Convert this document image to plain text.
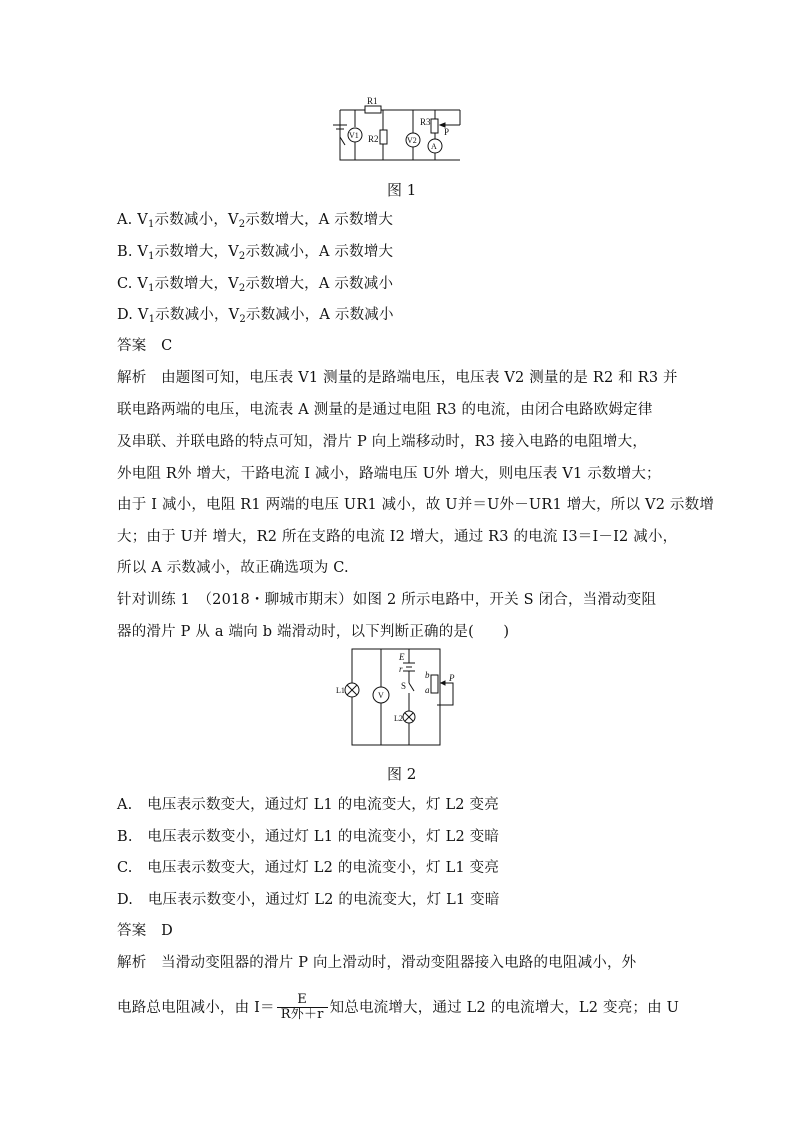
R1
R2
R3
P
V1
V2
A
图 1
A. $V_1$示数减小，$V_2$示数增大，A 示数增大
B. $V_1$示数增大，$V_2$示数减小，A 示数增大
C. $V_1$示数增大，$V_2$示数增大，A 示数减小
D. $V_1$示数减小，$V_2$示数减小，A 示数减小
答案　 C
解析　 由题图可知，电压表 V1 测量的是路端电压，电压表 V2 测量的是 R2 和 R3 并
联电路两端的电压，电流表 A 测量的是通过电阻 R3 的电流，由闭合电路欧姆定律
及串联、并联电路的特点可知，滑片 P 向上端移动时，R3 接入电路的电阻增大，
外电阻 R外 增大，干路电流 I 减小，路端电压 U外 增大，则电压表 V1 示数增大；
由于 I 减小，电阻 R1 两端的电压 UR1 减小，故 U并＝U外－UR1 增大，所以 V2 示数增
大；由于 U并 增大，R2 所在支路的电流 I2 增大，通过 R3 的电流 I3＝I－I2 减小，
所以 A 示数减小，故正确选项为 C.
针对训练 1　（2018・聊城市期末）如图 2 所示电路中，开关 S 闭合，当滑动变阻
器的滑片 P 从 a 端向 b 端滑动时，以下判断正确的是(　　)
E
r
S
b
a
P
L1
L2
V
图 2
A.　电压表示数变大，通过灯 L1 的电流变大，灯 L2 变亮
B.　电压表示数变小，通过灯 L1 的电流变小，灯 L2 变暗
C.　电压表示数变大，通过灯 L2 的电流变小，灯 L1 变亮
D.　电压表示数变小，通过灯 L2 的电流变大，灯 L1 变暗
答案　 D
解析　 当滑动变阻器的滑片 P 向上滑动时，滑动变阻器接入电路的电阻减小，外
电路总电阻减小，由 I＝
E
R外＋r 知总电流增大，通过 L2 的电流增大，L2 变亮；由 U
